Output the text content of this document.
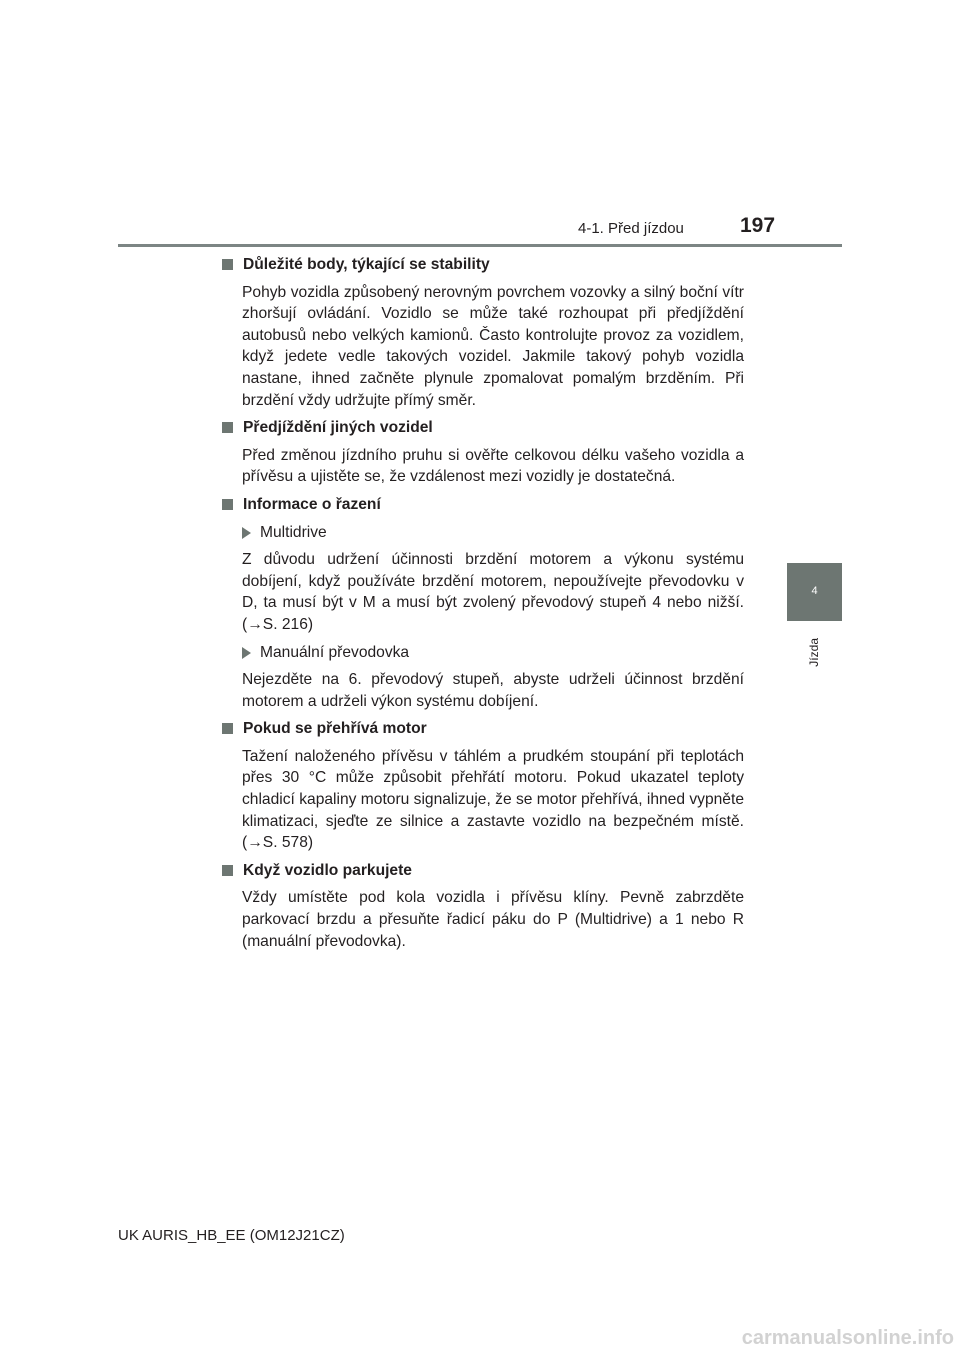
4-1. Před jízdou	197
4
Jízda
Důležité body, týkající se stability

Pohyb vozidla způsobený nerovným povrchem vozovky a silný boční vítr zhoršují ovládání. Vozidlo se může také rozhoupat při předjíždění autobusů nebo velkých kamionů. Často kontrolujte provoz za vozidlem, když jedete vedle takových vozidel. Jakmile takový pohyb vozidla nastane, ihned začněte plynule zpomalovat pomalým brzděním. Při brzdění vždy udržujte přímý směr.

Předjíždění jiných vozidel

Před změnou jízdního pruhu si ověřte celkovou délku vašeho vozidla a přívěsu a ujistěte se, že vzdálenost mezi vozidly je dostatečná.

Informace o řazení
Multidrive

Z důvodu udržení účinnosti brzdění motorem a výkonu systému dobíjení, když používáte brzdění motorem, nepoužívejte převodovku v D, ta musí být v M a musí být zvolený převodový stupeň 4 nebo nižší. (→S. 216)

Manuální převodovka

Nejezděte na 6. převodový stupeň, abyste udrželi účinnost brzdění motorem a udrželi výkon systému dobíjení.

Pokud se přehřívá motor

Tažení naloženého přívěsu v táhlém a prudkém stoupání při teplotách přes 30 °C může způsobit přehřátí motoru. Pokud ukazatel teploty chladicí kapaliny motoru signalizuje, že se motor přehřívá, ihned vypněte klimatizaci, sjeďte ze silnice a zastavte vozidlo na bezpečném místě. (→S. 578)

Když vozidlo parkujete

Vždy umístěte pod kola vozidla i přívěsu klíny. Pevně zabrzděte parkovací brzdu a přesuňte řadicí páku do P (Multidrive) a 1 nebo R (manuální převodovka).

UK AURIS_HB_EE (OM12J21CZ)
carmanualsonline.info
